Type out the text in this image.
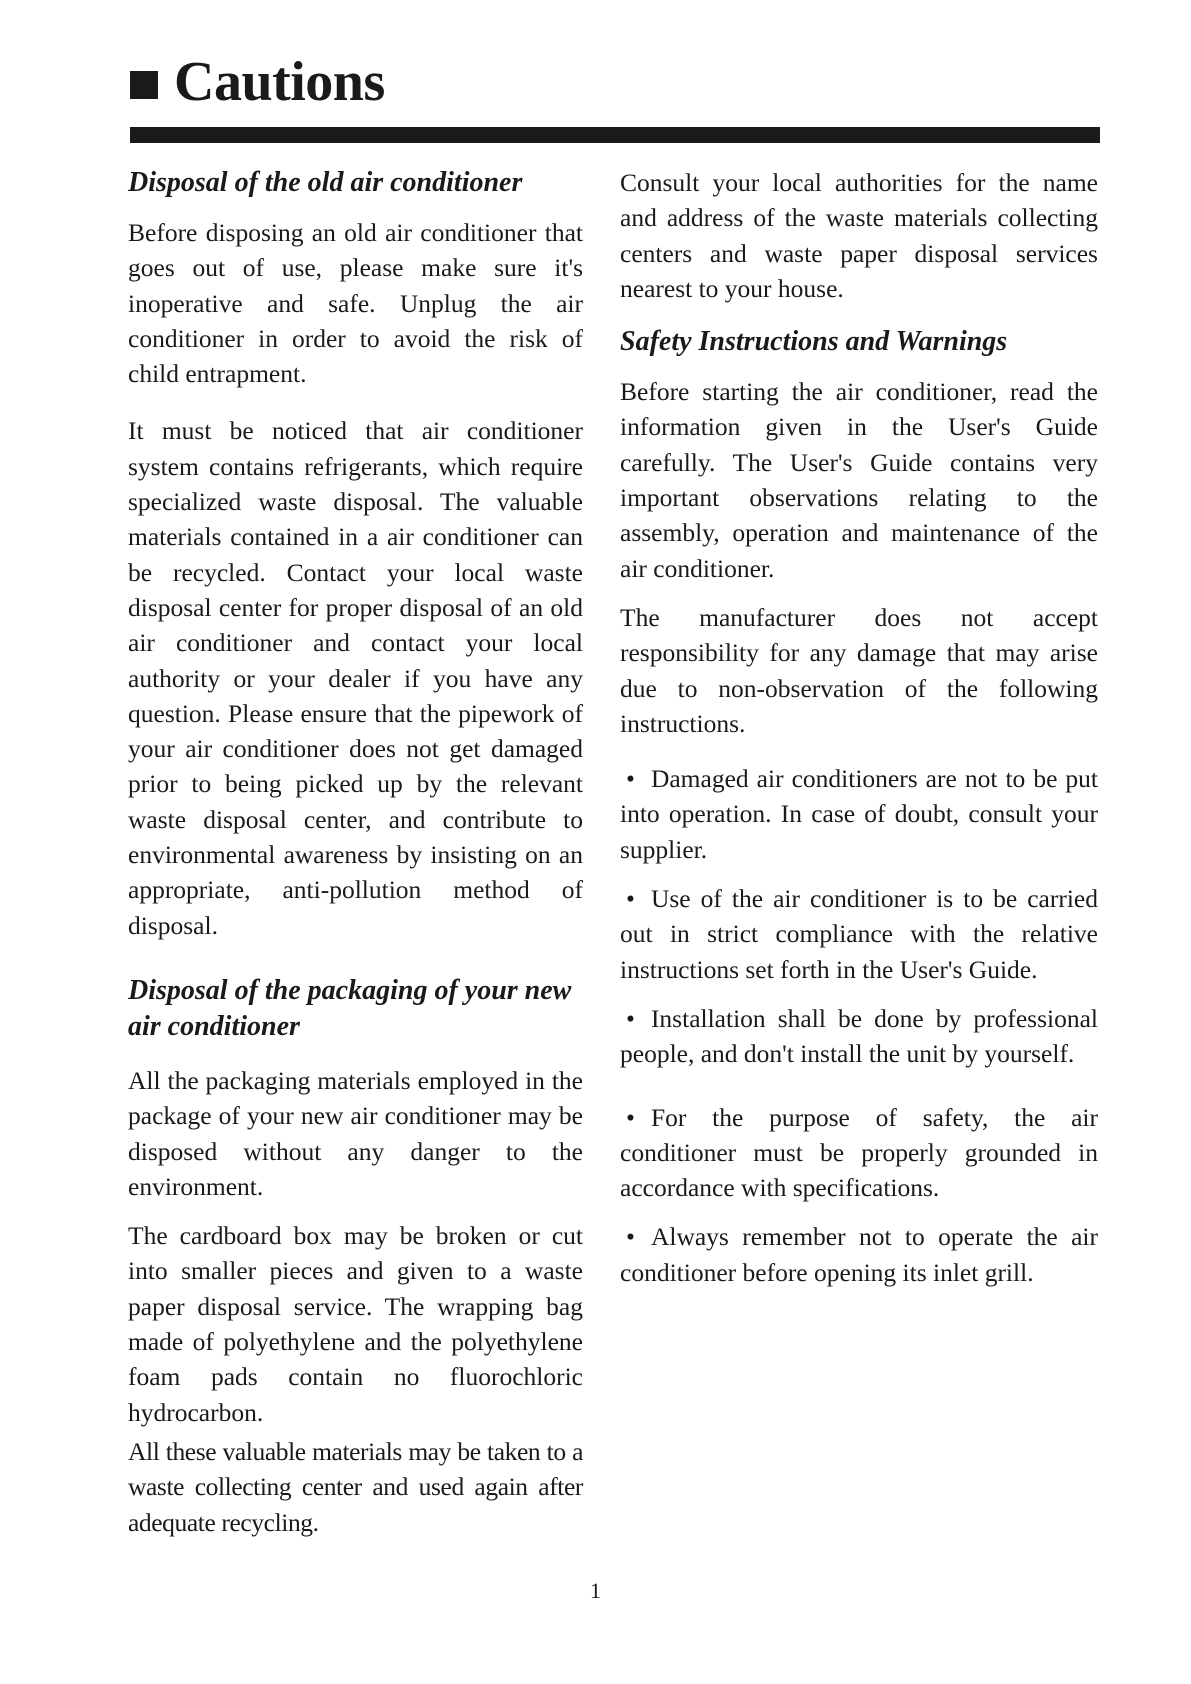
Cautions
Disposal of the old air conditioner

Before disposing an old air conditioner that goes out of use, please make sure it's inoperative and safe. Unplug the air conditioner in order to avoid the risk of child entrapment.

It must be noticed that air conditioner system contains refrigerants, which require specialized waste disposal. The valuable materials contained in a air conditioner can be recycled. Contact your local waste disposal center for proper disposal of an old air conditioner and contact your local authority or your dealer if you have any question. Please ensure that the pipework of your air conditioner does not get damaged prior to being picked up by the relevant waste disposal center, and contribute to environmental awareness by insisting on an appropriate, anti-pollution method of disposal.

Disposal of the packaging of your new air conditioner

All the packaging materials employed in the package of your new air conditioner may be disposed without any danger to the environment.

The cardboard box may be broken or cut into smaller pieces and given to a waste paper disposal service. The wrapping bag made of polyethylene and the polyethylene foam pads contain no fluorochloric hydrocarbon.

All these valuable materials may be taken to a waste collecting center and used again after adequate recycling.

Consult your local authorities for the name and address of the waste materials collecting centers and waste paper disposal services nearest to your house.

Safety Instructions and Warnings

Before starting the air conditioner, read the information given in the User's Guide carefully. The User's Guide contains very important observations relating to the assembly, operation and maintenance of the air conditioner.

The manufacturer does not accept responsibility for any damage that may arise due to non-observation of the following instructions.

• Damaged air conditioners are not to be put into operation. In case of doubt, consult your supplier.
• Use of the air conditioner is to be carried out in strict compliance with the relative instructions set forth in the User's Guide.
• Installation shall be done by professional people, and don't install the unit by yourself.
• For the purpose of safety, the air conditioner must be properly grounded in accordance with specifications.
• Always remember not to operate the air conditioner before opening its inlet grill.
1
